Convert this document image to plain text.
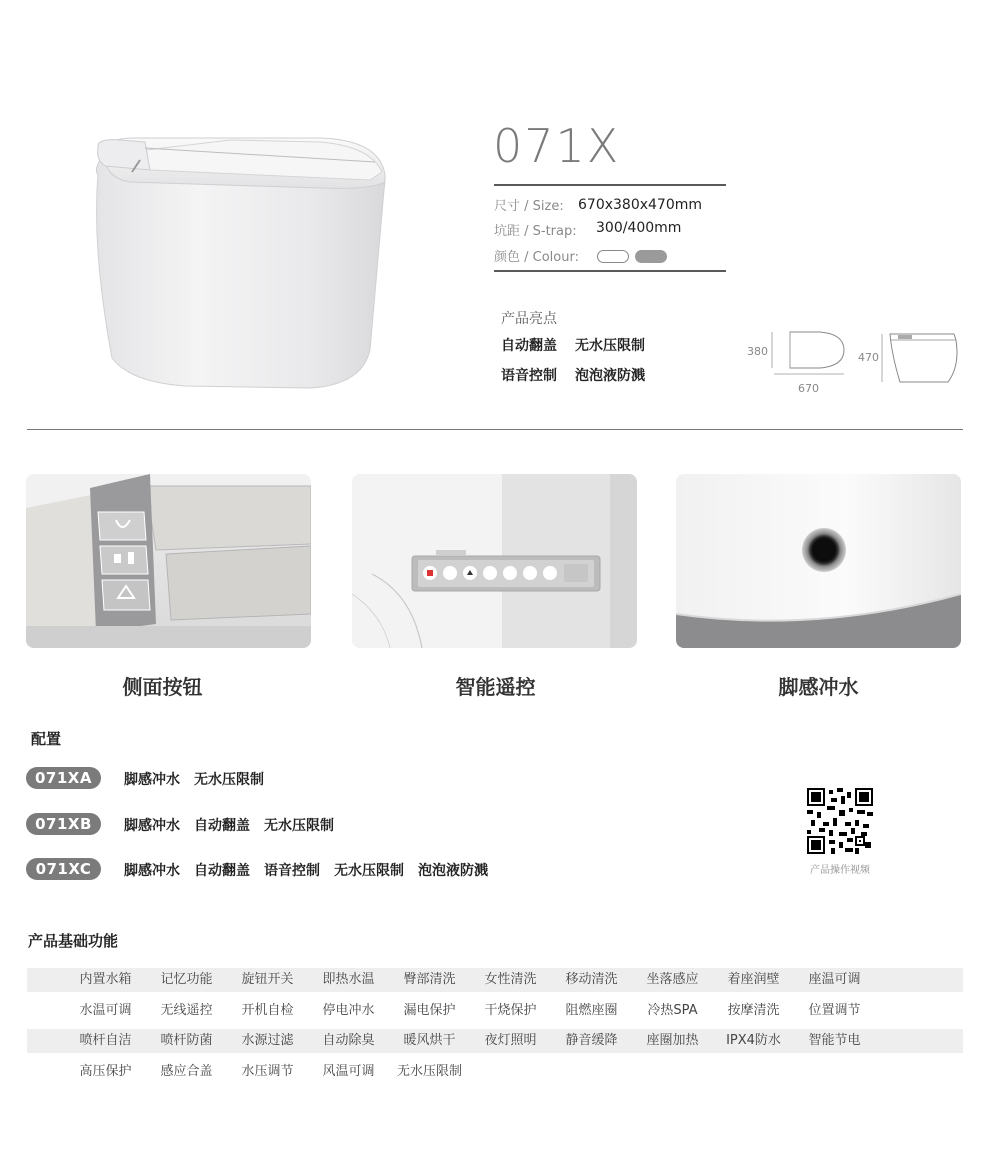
071X
尺寸 / Size: 670x380x470mm
坑距 / S-trap: 300/400mm
颜色 / Colour:
产品亮点
自动翻盖 无水压限制
语音控制 泡泡液防溅
380
670
470
侧面按钮	智能遥控	脚感冲水
配置
071XA	脚感冲水 无水压限制
071XB	脚感冲水 自动翻盖 无水压限制
071XC	脚感冲水 自动翻盖 语音控制 无水压限制 泡泡液防溅	产品操作视频
产品基础功能
内置水箱	记忆功能	旋钮开关	即热水温	臀部清洗	女性清洗	移动清洗	坐落感应	着座润壁	座温可调
水温可调	无线遥控	开机自检	停电冲水	漏电保护	干烧保护	阻燃座圈	冷热SPA	按摩清洗	位置调节
喷杆自洁	喷杆防菌	水源过滤	自动除臭	暖风烘干	夜灯照明	静音缓降	座圈加热	IPX4防水	智能节电
高压保护	感应合盖	水压调节	风温可调	无水压限制
